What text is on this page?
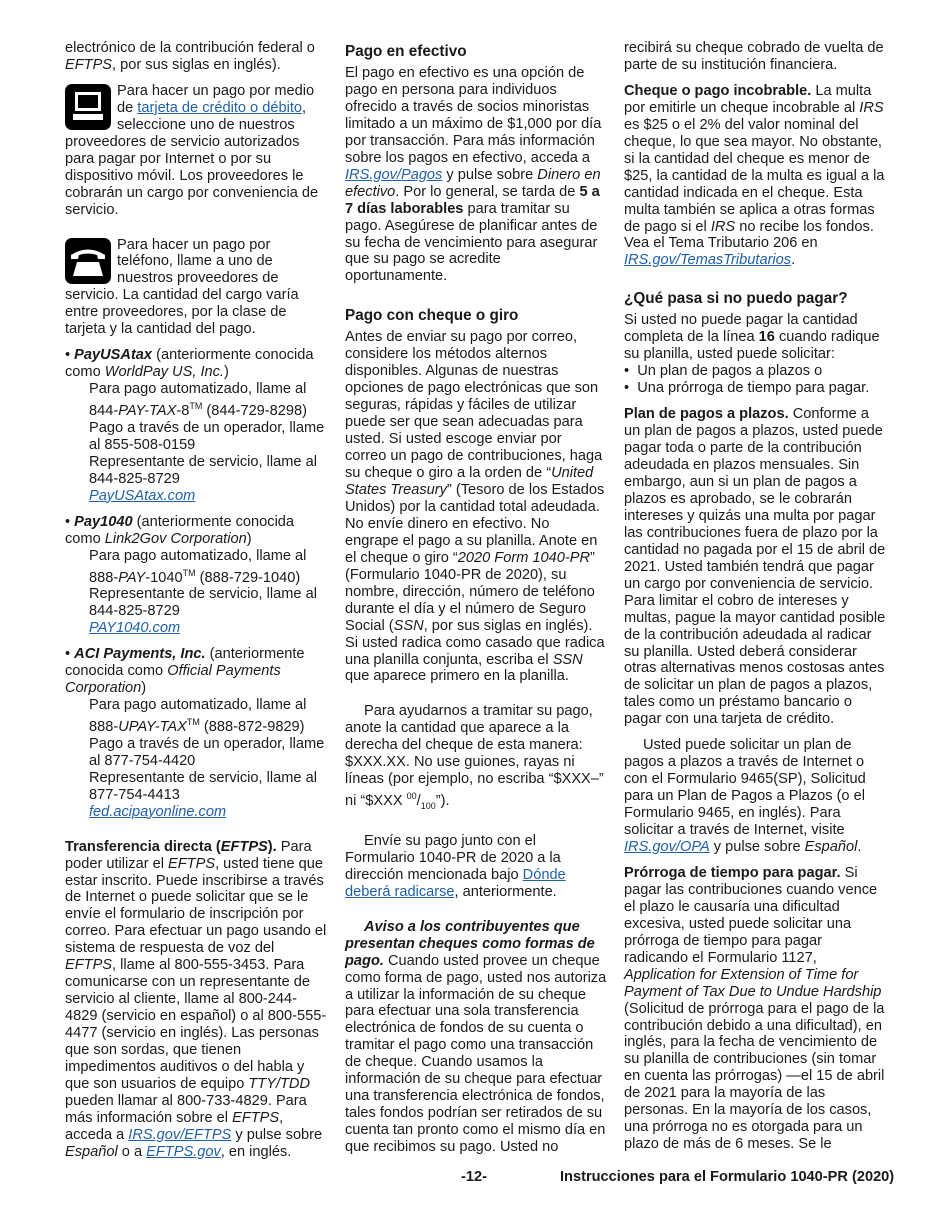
electrónico de la contribución federal o EFTPS, por sus siglas en inglés).

Para hacer un pago por medio de tarjeta de crédito o débito, seleccione uno de nuestros proveedores de servicio autorizados para pagar por Internet o por su dispositivo móvil. Los proveedores le cobrarán un cargo por conveniencia de servicio.

Para hacer un pago por teléfono, llame a uno de nuestros proveedores de servicio. La cantidad del cargo varía entre proveedores, por la clase de tarjeta y la cantidad del pago.

• PayUSAtax (anteriormente conocida como WorldPay US, Inc.)

Para pago automatizado, llame al 844-PAY-TAX-8™ (844-729-8298)

Pago a través de un operador, llame al 855-508-0159

Representante de servicio, llame al 844-825-8729

PayUSAtax.com

• Pay1040 (anteriormente conocida como Link2Gov Corporation)

Para pago automatizado, llame al 888-PAY-1040™ (888-729-1040)

Representante de servicio, llame al 844-825-8729

PAY1040.com

• ACI Payments, Inc. (anteriormente conocida como Official Payments Corporation)

Para pago automatizado, llame al 888-UPAY-TAX™ (888-872-9829)

Pago a través de un operador, llame al 877-754-4420

Representante de servicio, llame al 877-754-4413

fed.acipayonline.com

Transferencia directa (EFTPS). Para poder utilizar el EFTPS, usted tiene que estar inscrito. Puede inscribirse a través de Internet o puede solicitar que se le envíe el formulario de inscripción por correo. Para efectuar un pago usando el sistema de respuesta de voz del EFTPS, llame al 800-555-3453. Para comunicarse con un representante de servicio al cliente, llame al 800-244-4829 (servicio en español) o al 800-555-4477 (servicio en inglés). Las personas que son sordas, que tienen impedimentos auditivos o del habla y que son usuarios de equipo TTY/TDD pueden llamar al 800-733-4829. Para más información sobre el EFTPS, acceda a IRS.gov/EFTPS y pulse sobre Español o a EFTPS.gov, en inglés.

Pago en efectivo

El pago en efectivo es una opción de pago en persona para individuos ofrecido a través de socios minoristas limitado a un máximo de $1,000 por día por transacción. Para más información sobre los pagos en efectivo, acceda a IRS.gov/Pagos y pulse sobre Dinero en efectivo. Por lo general, se tarda de 5 a 7 días laborables para tramitar su pago. Asegúrese de planificar antes de su fecha de vencimiento para asegurar que su pago se acredite oportunamente.

Pago con cheque o giro

Antes de enviar su pago por correo, considere los métodos alternos disponibles. Algunas de nuestras opciones de pago electrónicas que son seguras, rápidas y fáciles de utilizar puede ser que sean adecuadas para usted. Si usted escoge enviar por correo un pago de contribuciones, haga su cheque o giro a la orden de “United States Treasury” (Tesoro de los Estados Unidos) por la cantidad total adeudada. No envíe dinero en efectivo. No engrape el pago a su planilla. Anote en el cheque o giro “2020 Form 1040-PR” (Formulario 1040-PR de 2020), su nombre, dirección, número de teléfono durante el día y el número de Seguro Social (SSN, por sus siglas en inglés). Si usted radica como casado que radica una planilla conjunta, escriba el SSN que aparece primero en la planilla.

Para ayudarnos a tramitar su pago, anote la cantidad que aparece a la derecha del cheque de esta manera: $XXX.XX. No use guiones, rayas ni líneas (por ejemplo, no escriba “$XXX–” ni “$XXX $^{00}/_{100}$”).

Envíe su pago junto con el Formulario 1040-PR de 2020 a la dirección mencionada bajo Dónde deberá radicarse, anteriormente.

Aviso a los contribuyentes que presentan cheques como formas de pago. Cuando usted provee un cheque como forma de pago, usted nos autoriza a utilizar la información de su cheque para efectuar una sola transferencia electrónica de fondos de su cuenta o tramitar el pago como una transacción de cheque. Cuando usamos la información de su cheque para efectuar una transferencia electrónica de fondos, tales fondos podrían ser retirados de su cuenta tan pronto como el mismo día en que recibimos su pago. Usted no

recibirá su cheque cobrado de vuelta de parte de su institución financiera.

Cheque o pago incobrable. La multa por emitirle un cheque incobrable al IRS es $25 o el 2% del valor nominal del cheque, lo que sea mayor. No obstante, si la cantidad del cheque es menor de $25, la cantidad de la multa es igual a la cantidad indicada en el cheque. Esta multa también se aplica a otras formas de pago si el IRS no recibe los fondos. Vea el Tema Tributario 206 en IRS.gov/TemasTributarios.

¿Qué pasa si no puedo pagar?

Si usted no puede pagar la cantidad completa de la línea 16 cuando radique su planilla, usted puede solicitar:

•  Un plan de pagos a plazos o

•  Una prórroga de tiempo para pagar.

Plan de pagos a plazos. Conforme a un plan de pagos a plazos, usted puede pagar toda o parte de la contribución adeudada en plazos mensuales. Sin embargo, aun si un plan de pagos a plazos es aprobado, se le cobrarán intereses y quizás una multa por pagar las contribuciones fuera de plazo por la cantidad no pagada por el 15 de abril de 2021. Usted también tendrá que pagar un cargo por conveniencia de servicio. Para limitar el cobro de intereses y multas, pague la mayor cantidad posible de la contribución adeudada al radicar su planilla. Usted deberá considerar otras alternativas menos costosas antes de solicitar un plan de pagos a plazos, tales como un préstamo bancario o pagar con una tarjeta de crédito.

Usted puede solicitar un plan de pagos a plazos a través de Internet o con el Formulario 9465(SP), Solicitud para un Plan de Pagos a Plazos (o el Formulario 9465, en inglés). Para solicitar a través de Internet, visite IRS.gov/OPA y pulse sobre Español.

Prórroga de tiempo para pagar. Si pagar las contribuciones cuando vence el plazo le causaría una dificultad excesiva, usted puede solicitar una prórroga de tiempo para pagar radicando el Formulario 1127, Application for Extension of Time for Payment of Tax Due to Undue Hardship (Solicitud de prórroga para el pago de la contribución debido a una dificultad), en inglés, para la fecha de vencimiento de su planilla de contribuciones (sin tomar en cuenta las prórrogas) —el 15 de abril de 2021 para la mayoría de las personas. En la mayoría de los casos, una prórroga no es otorgada para un plazo de más de 6 meses. Se le

-12-	Instrucciones para el Formulario 1040-PR (2020)
